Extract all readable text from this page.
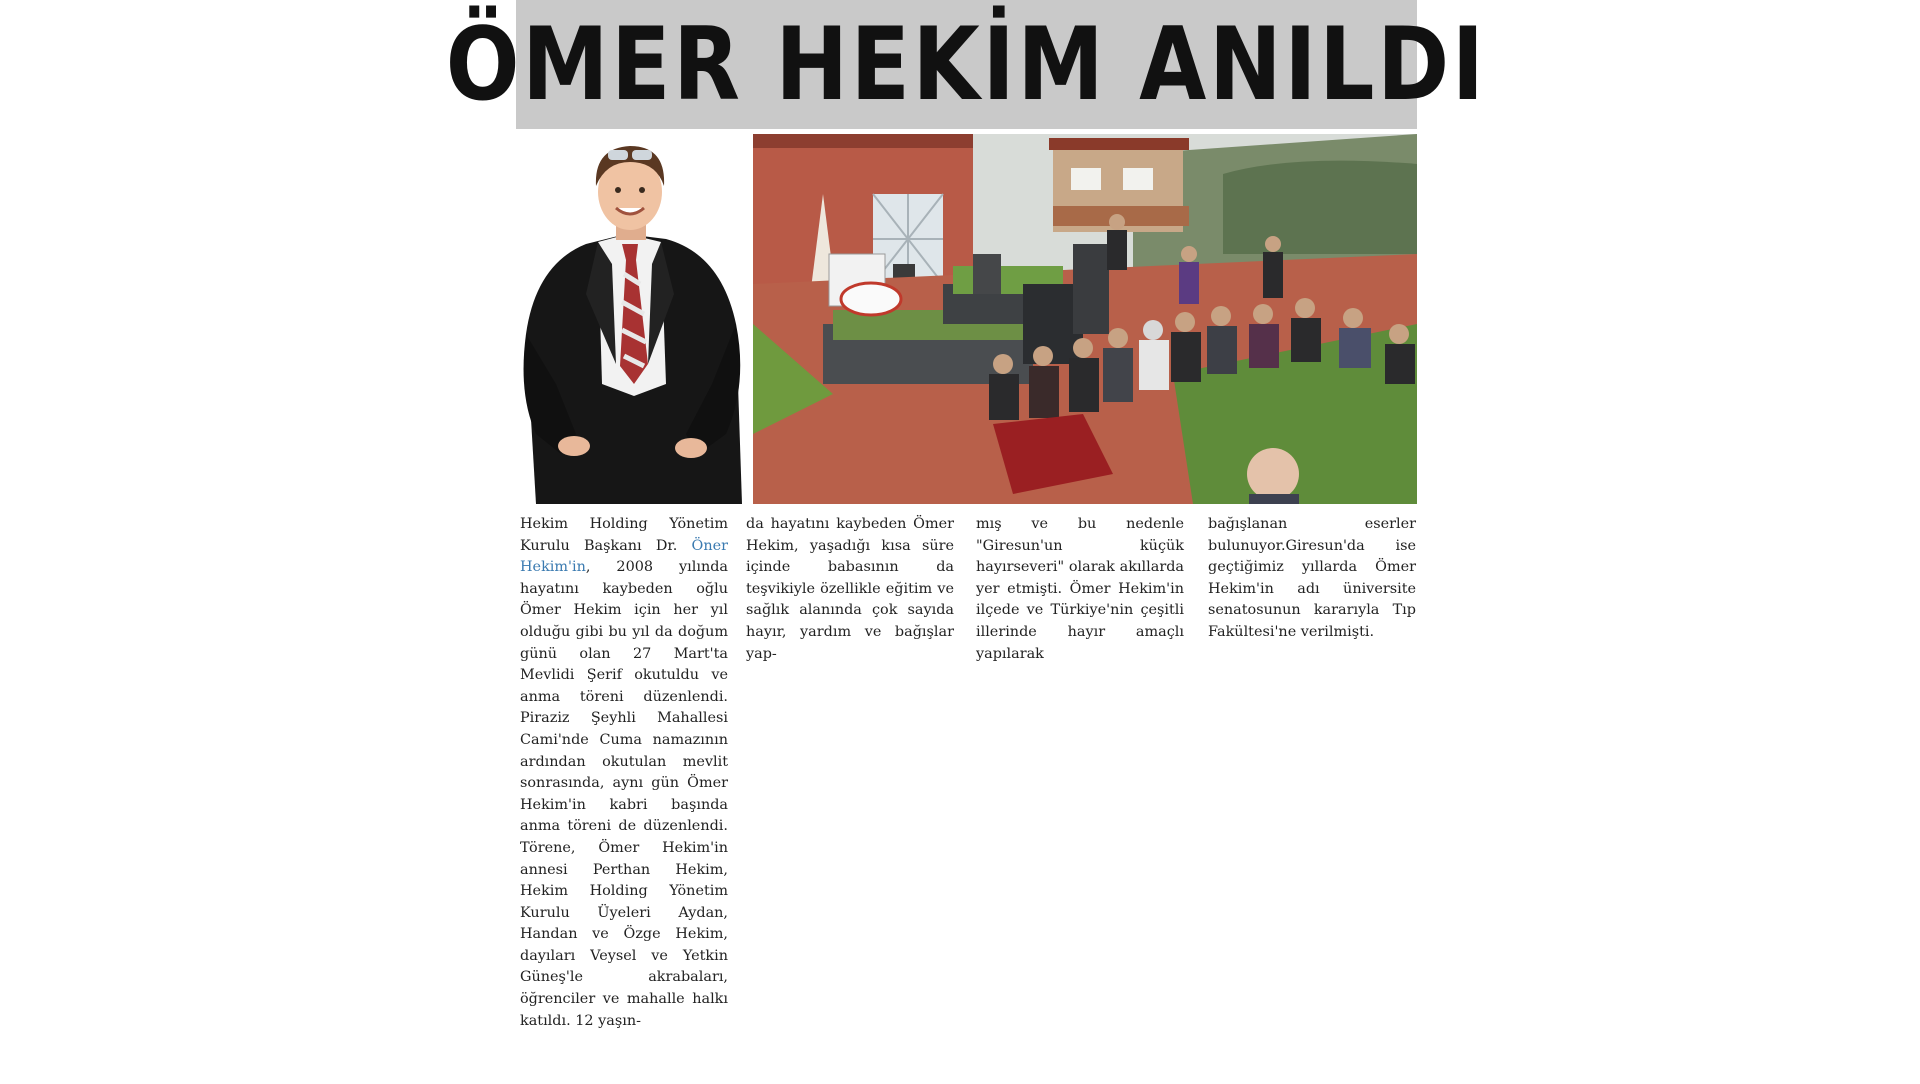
ÖMER HEKİM ANILDI

Hekim Holding Yönetim Kurulu Başkanı Dr. Öner Hekim'in, 2008 yılında hayatını kaybeden oğlu Ömer Hekim için her yıl olduğu gibi bu yıl da doğum günü olan 27 Mart'ta Mevlidi Şerif okutuldu ve anma töreni düzenlendi. Piraziz Şeyhli Mahallesi Cami'nde Cuma namazının ardından okutulan mevlit sonrasında, aynı gün Ömer Hekim'in kabri başında anma töreni de düzenlendi. Törene, Ömer Hekim'in annesi Perthan Hekim, Hekim Holding Yönetim Kurulu Üyeleri Aydan, Handan ve Özge Hekim, dayıları Veysel ve Yetkin Güneş'le akrabaları, öğrenciler ve mahalle halkı katıldı. 12 yaşın-

da hayatını kaybeden Ömer Hekim, yaşadığı kısa süre içinde babasının da teşvikiyle özellikle eğitim ve sağlık alanında çok sayıda hayır, yardım ve bağışlar yap-

mış ve bu nedenle "Giresun'un küçük hayırseveri" olarak akıllarda yer etmişti. Ömer Hekim'in ilçede ve Türkiye'nin çeşitli illerinde hayır amaçlı yapılarak

bağışlanan eserler bulunuyor.Giresun'da ise geçtiğimiz yıllarda Ömer Hekim'in adı üniversite senatosunun kararıyla Tıp Fakültesi'ne verilmişti.
